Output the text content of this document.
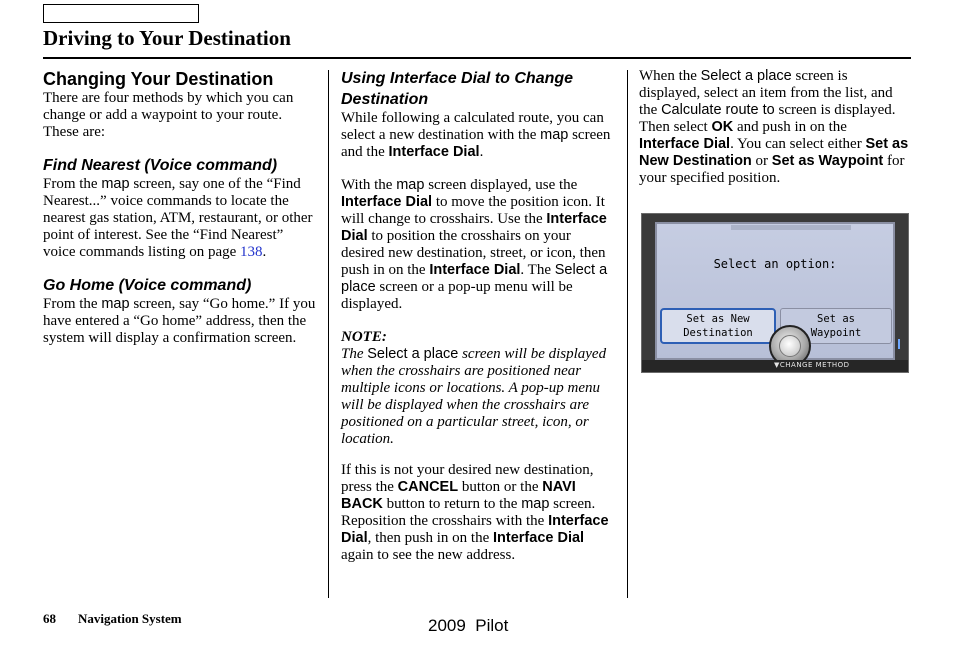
Driving to Your Destination

Changing Your Destination

There are four methods by which you can change or add a waypoint to your route. These are:

Find Nearest (Voice command)

From the map screen, say one of the “Find Nearest...” voice commands to locate the nearest gas station, ATM, restaurant, or other point of interest. See the “Find Nearest” voice commands listing on page 138.

Go Home (Voice command)

From the map screen, say “Go home.” If you have entered a “Go home” address, then the system will display a confirmation screen.

Using Interface Dial to Change Destination

While following a calculated route, you can select a new destination with the map screen and the Interface Dial.

With the map screen displayed, use the Interface Dial to move the position icon. It will change to crosshairs. Use the Interface Dial to position the crosshairs on your desired new destination, street, or icon, then push in on the Interface Dial. The Select a place screen or a pop-up menu will be displayed.

NOTE:

The Select a place screen will be displayed when the crosshairs are positioned near multiple icons or locations. A pop-up menu will be displayed when the crosshairs are positioned on a particular street, icon, or location.

If this is not your desired new destination, press the CANCEL button or the NAVI BACK button to return to the map screen. Reposition the crosshairs with the Interface Dial, then push in on the Interface Dial again to see the new address.

When the Select a place screen is displayed, select an item from the list, and the Calculate route to screen is displayed. Then select OK and push in on the Interface Dial. You can select either Set as New Destination or Set as Waypoint for your specified position.

Select an option:
Set as New
Destination
Set as
Waypoint
▼CHANGE METHOD
68 Navigation System	2009  Pilot
